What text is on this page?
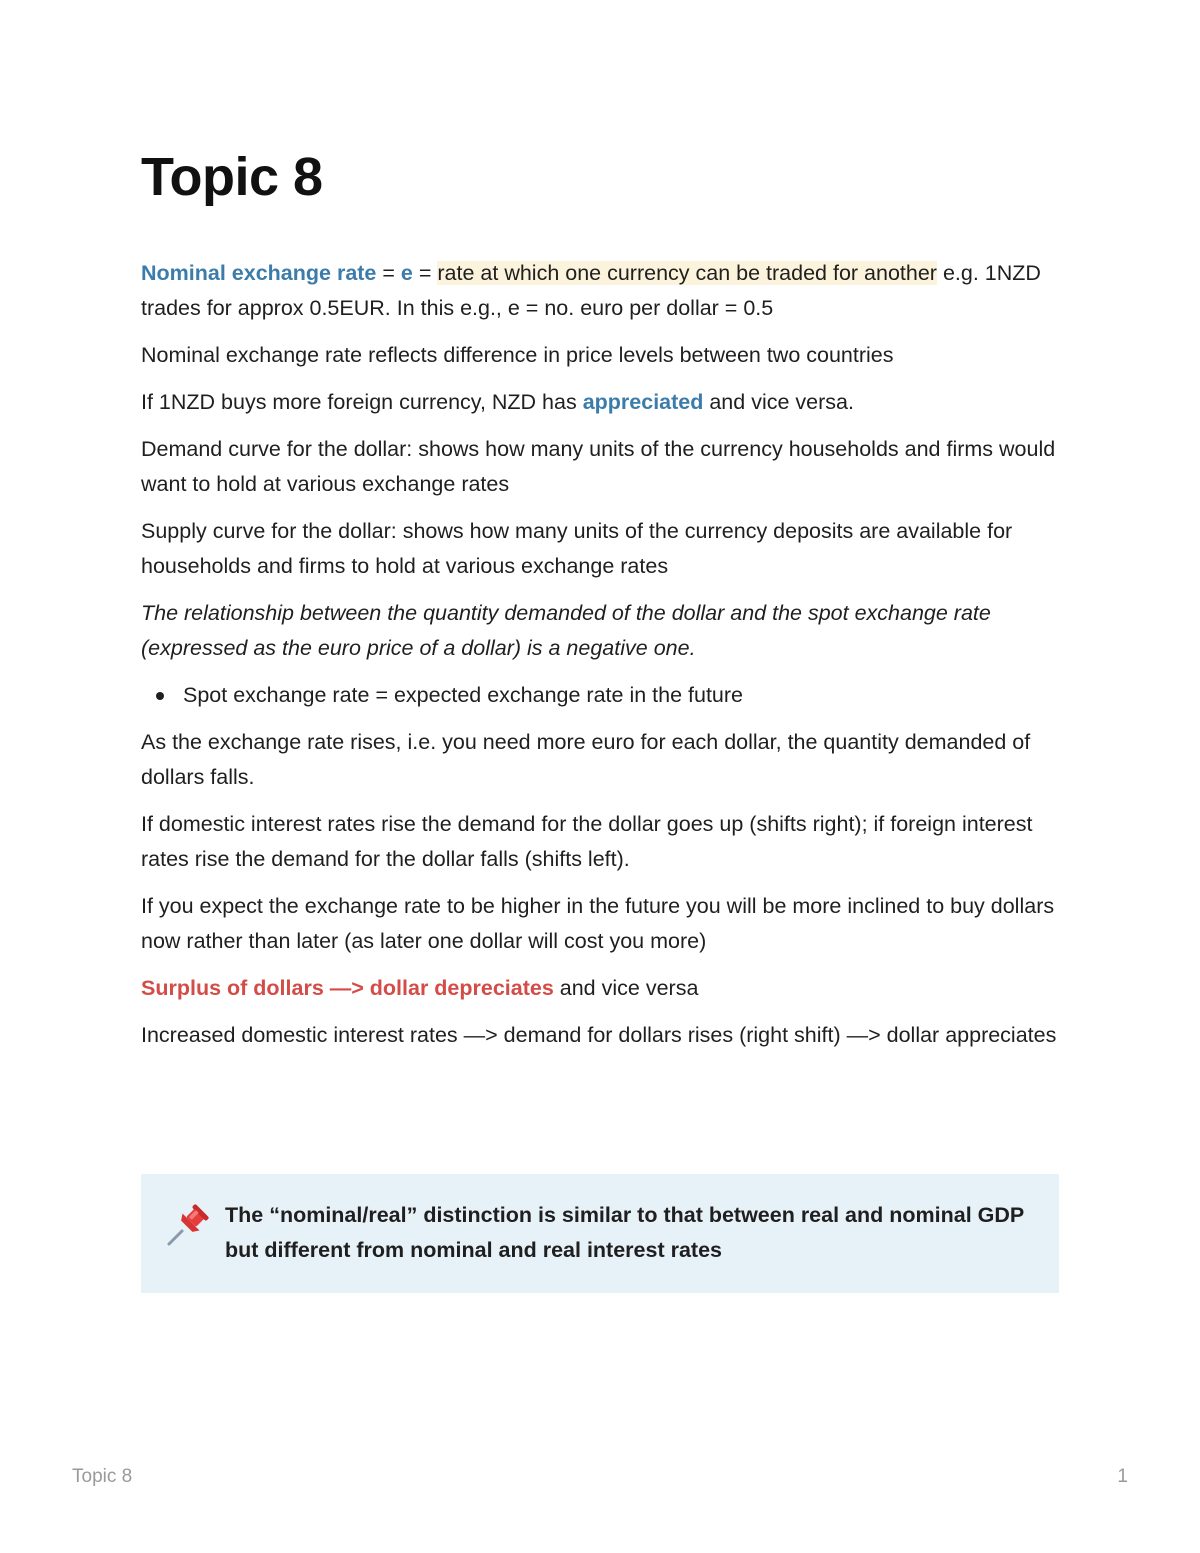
Topic 8

Nominal exchange rate = e = rate at which one currency can be traded for another e.g. 1NZD trades for approx 0.5EUR. In this e.g., e = no. euro per dollar = 0.5

Nominal exchange rate reflects difference in price levels between two countries

If 1NZD buys more foreign currency, NZD has appreciated and vice versa.

Demand curve for the dollar: shows how many units of the currency households and firms would want to hold at various exchange rates

Supply curve for the dollar: shows how many units of the currency deposits are available for households and firms to hold at various exchange rates

The relationship between the quantity demanded of the dollar and the spot exchange rate (expressed as the euro price of a dollar) is a negative one.

Spot exchange rate = expected exchange rate in the future

As the exchange rate rises, i.e. you need more euro for each dollar, the quantity demanded of dollars falls.

If domestic interest rates rise the demand for the dollar goes up (shifts right); if foreign interest rates rise the demand for the dollar falls (shifts left).

If you expect the exchange rate to be higher in the future you will be more inclined to buy dollars now rather than later (as later one dollar will cost you more)

Surplus of dollars —> dollar depreciates and vice versa

Increased domestic interest rates —> demand for dollars rises (right shift) —> dollar appreciates

The “nominal/real” distinction is similar to that between real and nominal GDP but different from nominal and real interest rates
Topic 8	1
